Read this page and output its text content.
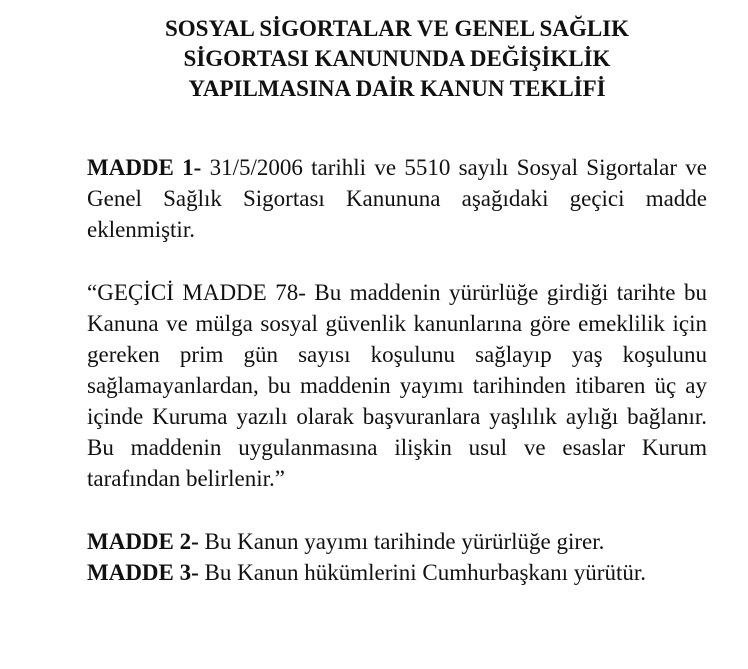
SOSYAL SİGORTALAR VE GENEL SAĞLIK
SİGORTASI KANUNUNDA DEĞİŞİKLİK
YAPILMASINA DAİR KANUN TEKLİFİ

MADDE 1- 31/5/2006 tarihli ve 5510 sayılı Sosyal Sigortalar ve Genel Sağlık Sigortası Kanununa aşağıdaki geçici madde eklenmiştir.

“GEÇİCİ MADDE 78- Bu maddenin yürürlüğe girdiği tarihte bu Kanuna ve mülga sosyal güvenlik kanunlarına göre emeklilik için gereken prim gün sayısı koşulunu sağlayıp yaş koşulunu sağlamayanlardan, bu maddenin yayımı tarihinden itibaren üç ay içinde Kuruma yazılı olarak başvuranlara yaşlılık aylığı bağlanır. Bu maddenin uygulanmasına ilişkin usul ve esaslar Kurum tarafından belirlenir.”

MADDE 2- Bu Kanun yayımı tarihinde yürürlüğe girer.

MADDE 3- Bu Kanun hükümlerini Cumhurbaşkanı yürütür.
